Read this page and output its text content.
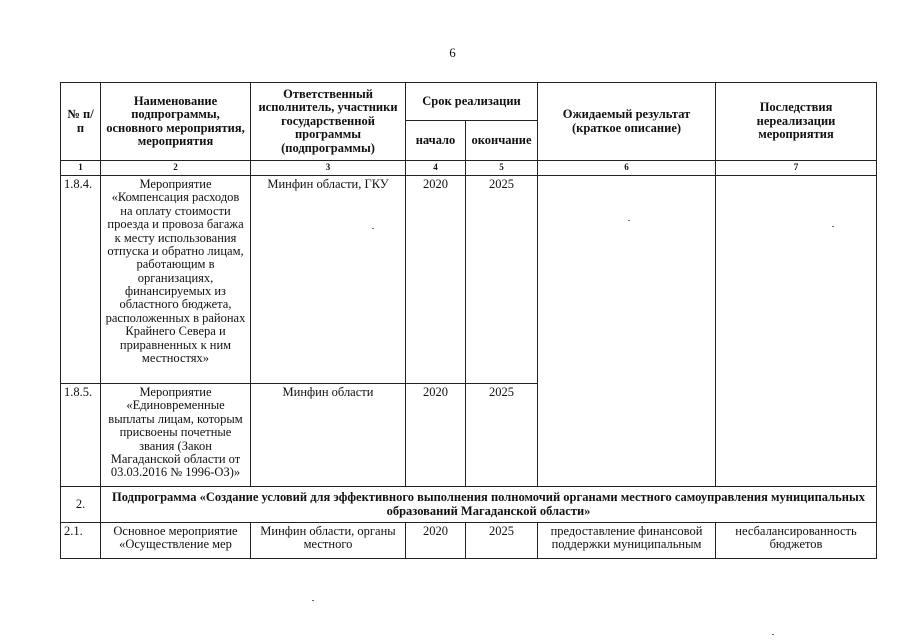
6
№ п/п	Наименование подпрограммы, основного мероприятия, мероприятия	Ответственный исполнитель, участники государственной программы (подпрограммы)	Срок реализации		Ожидаемый результат (краткое описание)	Последствия нереализации мероприятия
			начало	окончание		
1	2	3	4	5	6	7
1.8.4.	Мероприятие «Компенсация расходов на оплату стоимости проезда и провоза багажа к месту использования отпуска и обратно лицам, работающим в организациях, финансируемых из областного бюджета, расположенных в районах Крайнего Севера и приравненных к ним местностях»	Минфин области, ГКУ	2020	2025		
1.8.5.	Мероприятие «Единовременные выплаты лицам, которым присвоены почетные звания (Закон Магаданской области от 03.03.2016 № 1996-ОЗ)»	Минфин области	2020	2025		
2.	Подпрограмма «Создание условий для эффективного выполнения полномочий органами местного самоуправления муниципальных образований Магаданской области»					
2.1.	Основное мероприятие «Осуществление мер	Минфин области, органы местного	2020	2025	предоставление финансовой поддержки муниципальным	несбалансированность бюджетов
